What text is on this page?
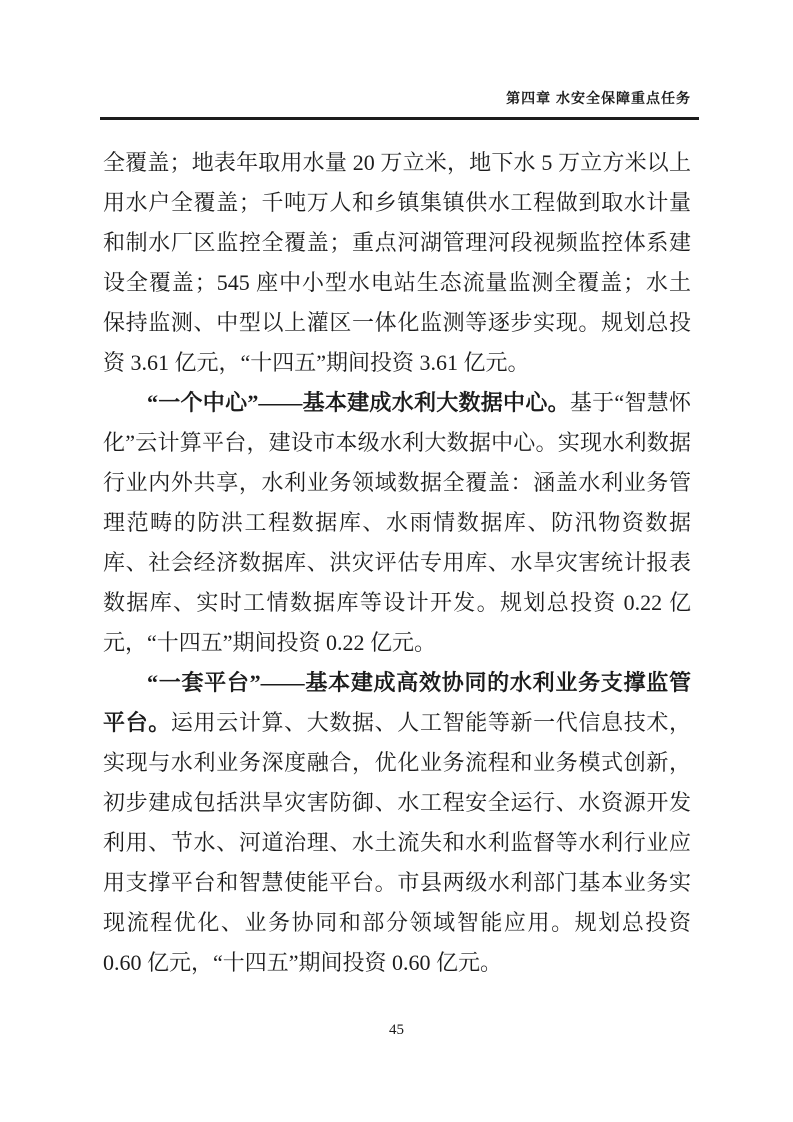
第四章 水安全保障重点任务

全覆盖；地表年取用水量 20 万立米，地下水 5 万立方米以上用水户全覆盖；千吨万人和乡镇集镇供水工程做到取水计量和制水厂区监控全覆盖；重点河湖管理河段视频监控体系建设全覆盖；545 座中小型水电站生态流量监测全覆盖；水土保持监测、中型以上灌区一体化监测等逐步实现。规划总投资 3.61 亿元，“十四五”期间投资 3.61 亿元。

“一个中心”——基本建成水利大数据中心。基于“智慧怀化”云计算平台，建设市本级水利大数据中心。实现水利数据行业内外共享，水利业务领域数据全覆盖：涵盖水利业务管理范畴的防洪工程数据库、水雨情数据库、防汛物资数据库、社会经济数据库、洪灾评估专用库、水旱灾害统计报表数据库、实时工情数据库等设计开发。规划总投资 0.22 亿元，“十四五”期间投资 0.22 亿元。

“一套平台”——基本建成高效协同的水利业务支撑监管平台。运用云计算、大数据、人工智能等新一代信息技术，实现与水利业务深度融合，优化业务流程和业务模式创新，初步建成包括洪旱灾害防御、水工程安全运行、水资源开发利用、节水、河道治理、水土流失和水利监督等水利行业应用支撑平台和智慧使能平台。市县两级水利部门基本业务实现流程优化、业务协同和部分领域智能应用。规划总投资 0.60 亿元，“十四五”期间投资 0.60 亿元。

45
